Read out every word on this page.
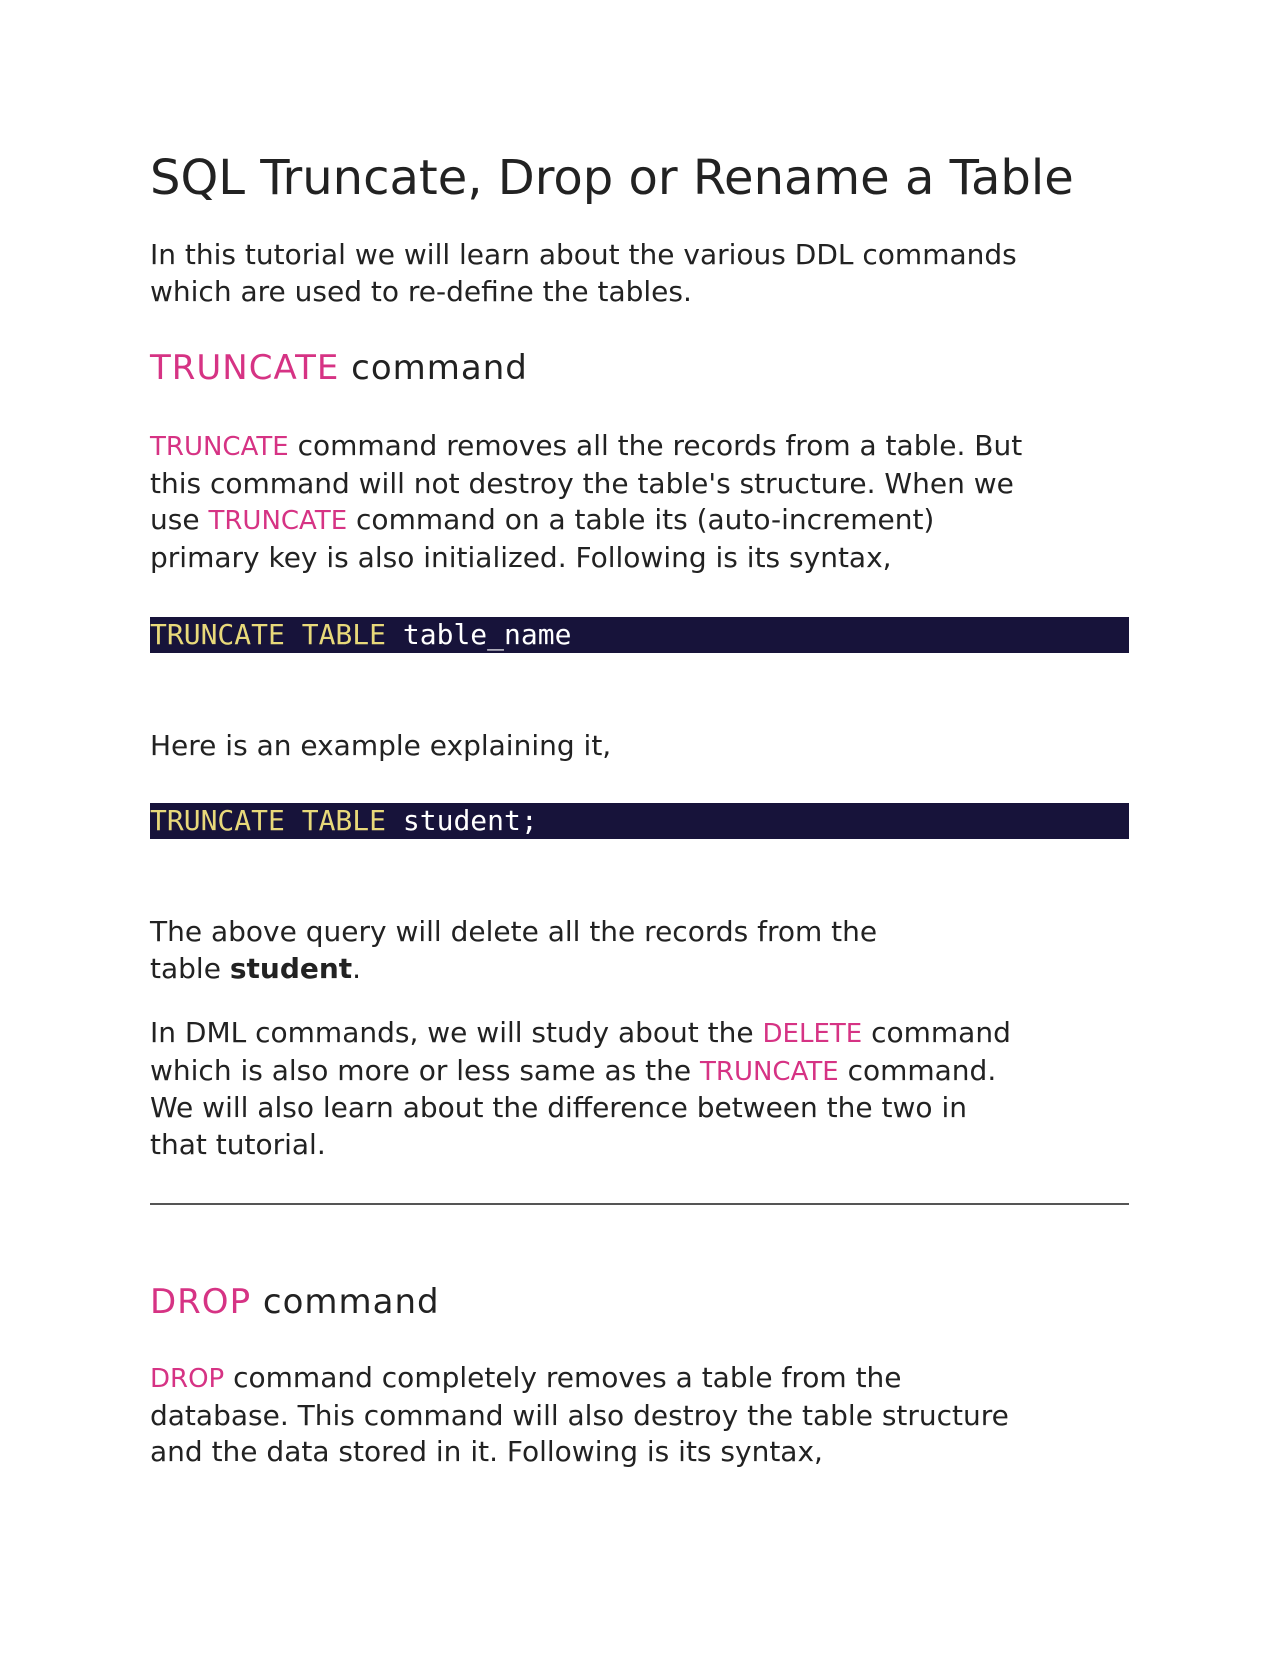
SQL Truncate, Drop or Rename a Table

In this tutorial we will learn about the various DDL commands
which are used to re-define the tables.

TRUNCATE command

TRUNCATE command removes all the records from a table. But
this command will not destroy the table's structure. When we
use TRUNCATE command on a table its (auto-increment)
primary key is also initialized. Following is its syntax,

TRUNCATE TABLE table_name

Here is an example explaining it,

TRUNCATE TABLE student;

The above query will delete all the records from the
table student.

In DML commands, we will study about the DELETE command
which is also more or less same as the TRUNCATE command.
We will also learn about the difference between the two in
that tutorial.

DROP command

DROP command completely removes a table from the
database. This command will also destroy the table structure
and the data stored in it. Following is its syntax,
